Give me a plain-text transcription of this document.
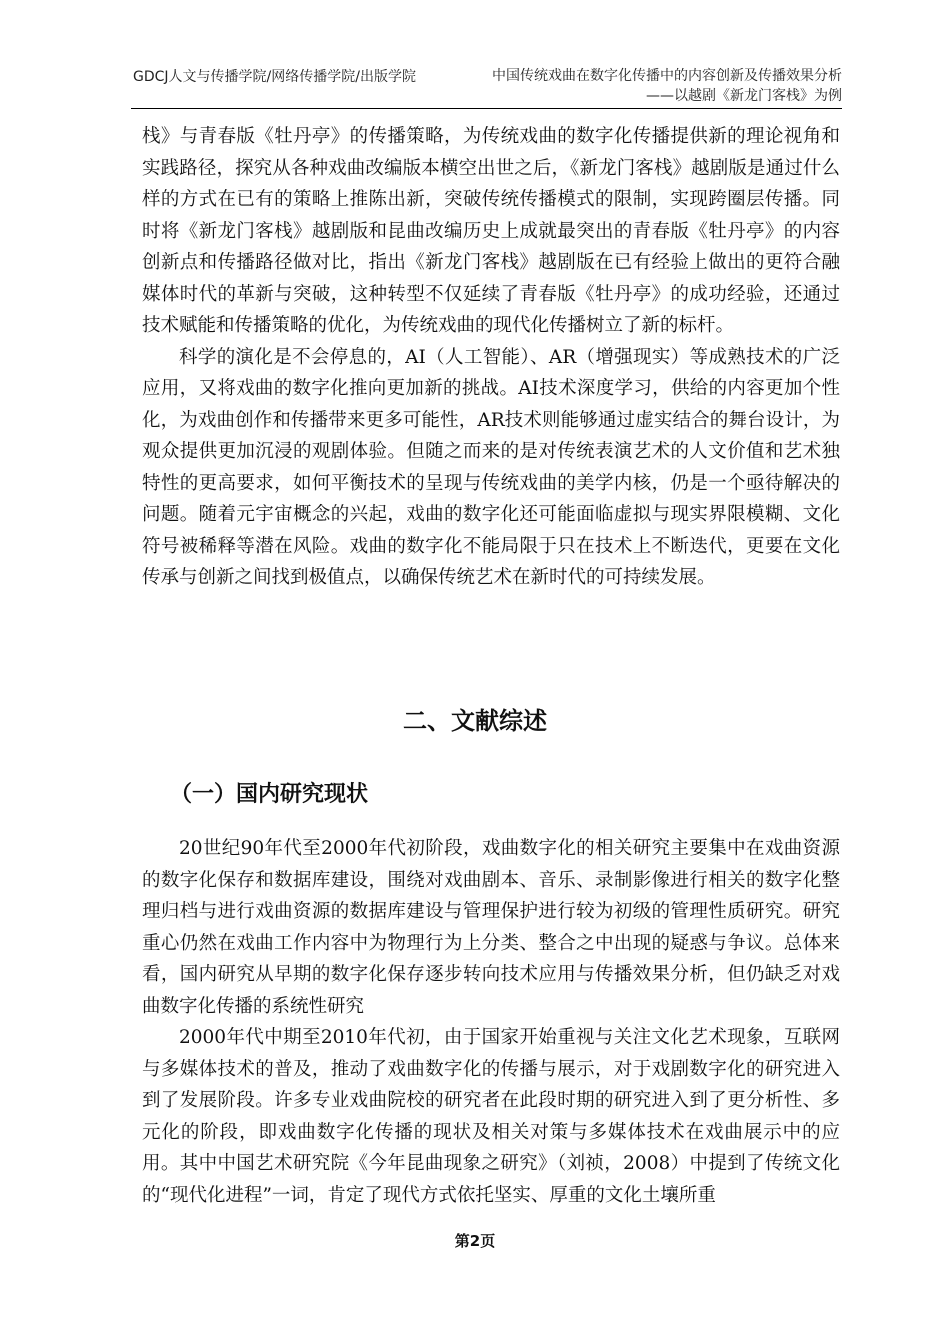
GDCJ人文与传播学院/网络传播学院/出版学院	中国传统戏曲在数字化传播中的内容创新及传播效果分析
——以越剧《新龙门客栈》为例

栈》与青春版《牡丹亭》的传播策略，为传统戏曲的数字化传播提供新的理论视角和实践路径，探究从各种戏曲改编版本横空出世之后，《新龙门客栈》越剧版是通过什么样的方式在已有的策略上推陈出新，突破传统传播模式的限制，实现跨圈层传播。同时将《新龙门客栈》越剧版和昆曲改编历史上成就最突出的青春版《牡丹亭》的内容创新点和传播路径做对比，指出《新龙门客栈》越剧版在已有经验上做出的更符合融媒体时代的革新与突破，这种转型不仅延续了青春版《牡丹亭》的成功经验，还通过技术赋能和传播策略的优化，为传统戏曲的现代化传播树立了新的标杆。

科学的演化是不会停息的，AI（人工智能）、AR（增强现实）等成熟技术的广泛应用，又将戏曲的数字化推向更加新的挑战。AI技术深度学习，供给的内容更加个性化，为戏曲创作和传播带来更多可能性，AR技术则能够通过虚实结合的舞台设计，为观众提供更加沉浸的观剧体验。但随之而来的是对传统表演艺术的人文价值和艺术独特性的更高要求，如何平衡技术的呈现与传统戏曲的美学内核，仍是一个亟待解决的问题。随着元宇宙概念的兴起，戏曲的数字化还可能面临虚拟与现实界限模糊、文化符号被稀释等潜在风险。戏曲的数字化不能局限于只在技术上不断迭代，更要在文化传承与创新之间找到极值点，以确保传统艺术在新时代的可持续发展。

二、文献综述
（一）国内研究现状

20世纪90年代至2000年代初阶段，戏曲数字化的相关研究主要集中在戏曲资源的数字化保存和数据库建设，围绕对戏曲剧本、音乐、录制影像进行相关的数字化整理归档与进行戏曲资源的数据库建设与管理保护进行较为初级的管理性质研究。研究重心仍然在戏曲工作内容中为物理行为上分类、整合之中出现的疑惑与争议。总体来看，国内研究从早期的数字化保存逐步转向技术应用与传播效果分析，但仍缺乏对戏曲数字化传播的系统性研究

2000年代中期至2010年代初，由于国家开始重视与关注文化艺术现象，互联网与多媒体技术的普及，推动了戏曲数字化的传播与展示，对于戏剧数字化的研究进入到了发展阶段。许多专业戏曲院校的研究者在此段时期的研究进入到了更分析性、多元化的阶段，即戏曲数字化传播的现状及相关对策与多媒体技术在戏曲展示中的应用。其中中国艺术研究院《今年昆曲现象之研究》（刘祯，2008）中提到了传统文化的“现代化进程”一词，肯定了现代方式依托坚实、厚重的文化土壤所重

第2页
